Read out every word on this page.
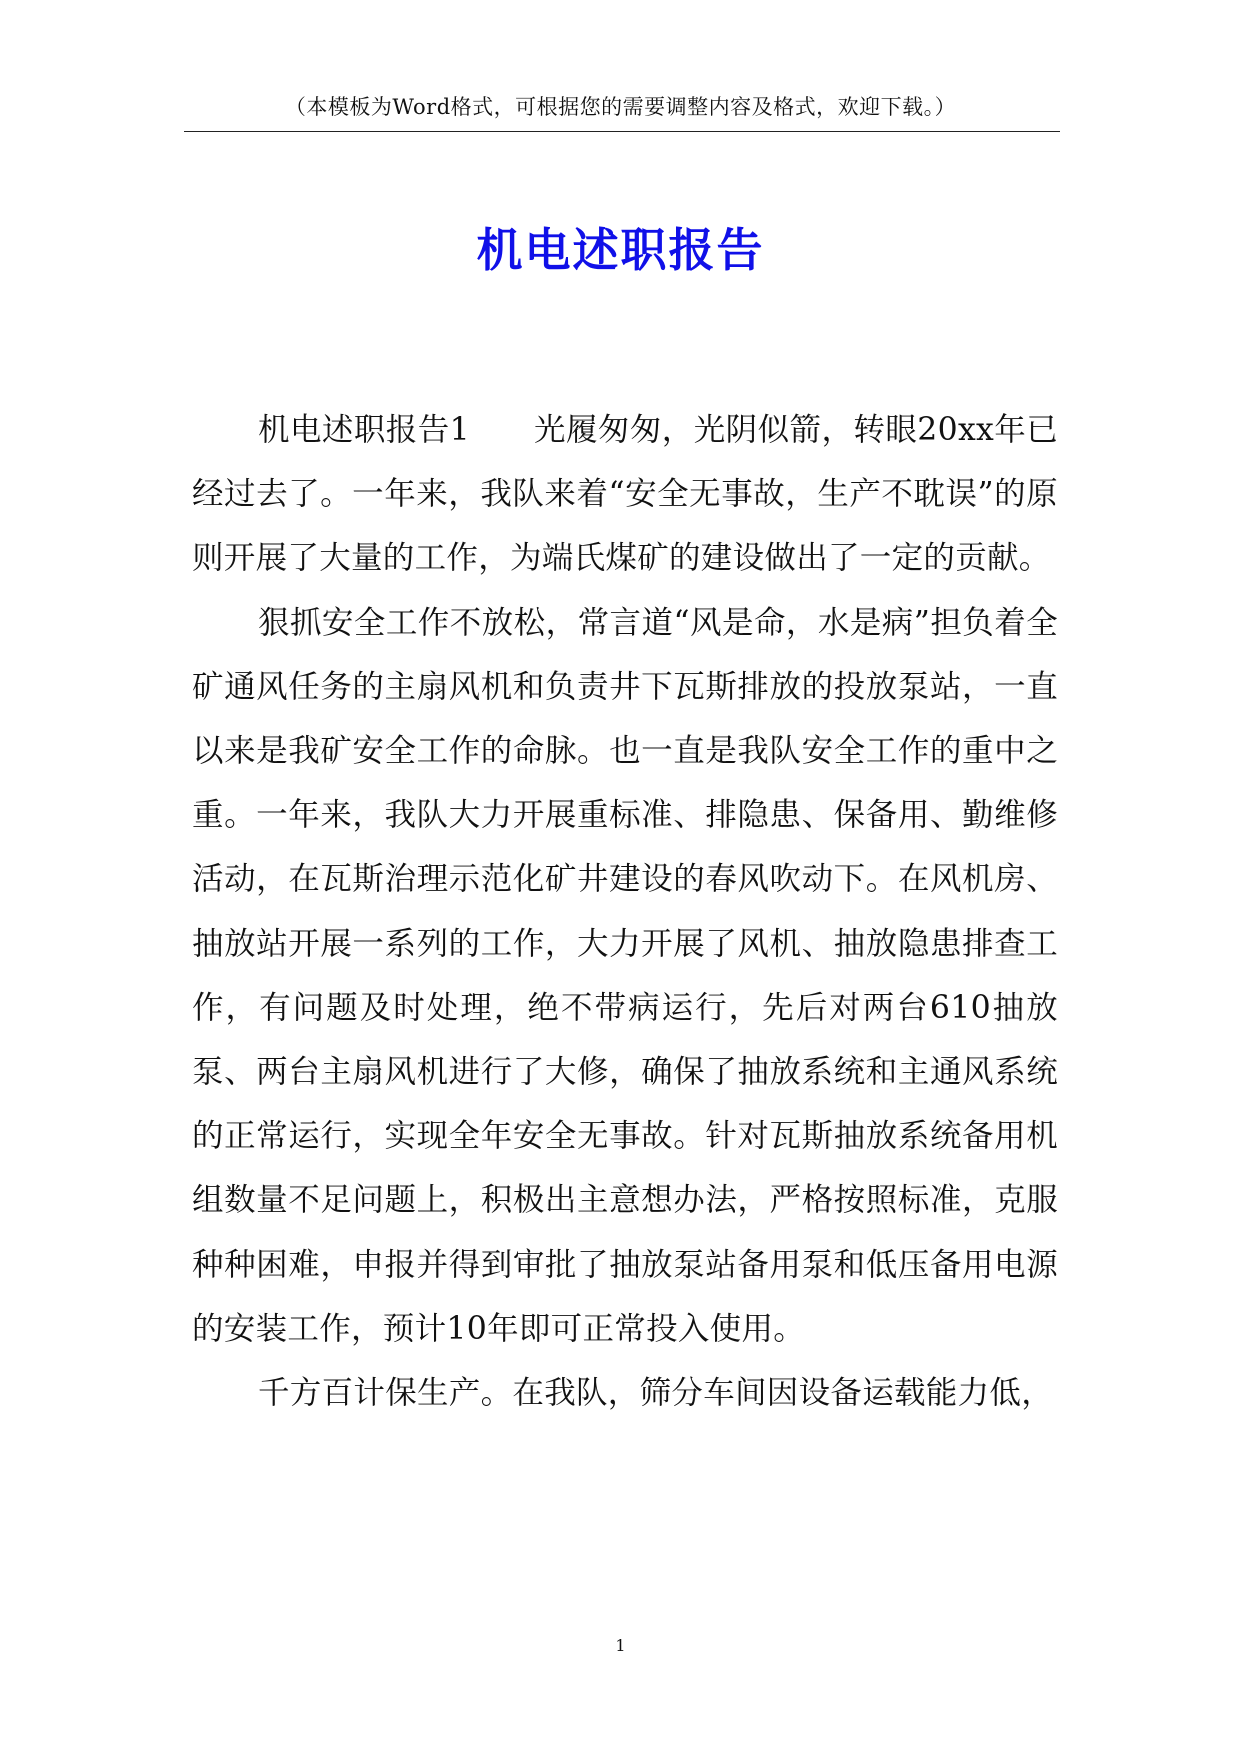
（本模板为Word格式，可根据您的需要调整内容及格式，欢迎下载。）
机电述职报告

机电述职报告1　　光履匆匆，光阴似箭，转眼20xx年已经过去了。一年来，我队来着“安全无事故，生产不耽误”的原则开展了大量的工作，为端氏煤矿的建设做出了一定的贡献。

狠抓安全工作不放松，常言道“风是命，水是病”担负着全矿通风任务的主扇风机和负责井下瓦斯排放的投放泵站，一直以来是我矿安全工作的命脉。也一直是我队安全工作的重中之重。一年来，我队大力开展重标准、排隐患、保备用、勤维修活动，在瓦斯治理示范化矿井建设的春风吹动下。在风机房、抽放站开展一系列的工作，大力开展了风机、抽放隐患排查工作，有问题及时处理，绝不带病运行，先后对两台610抽放泵、两台主扇风机进行了大修，确保了抽放系统和主通风系统的正常运行，实现全年安全无事故。针对瓦斯抽放系统备用机组数量不足问题上，积极出主意想办法，严格按照标准，克服种种困难，申报并得到审批了抽放泵站备用泵和低压备用电源的安装工作，预计10年即可正常投入使用。

千方百计保生产。在我队，筛分车间因设备运载能力低，

1
